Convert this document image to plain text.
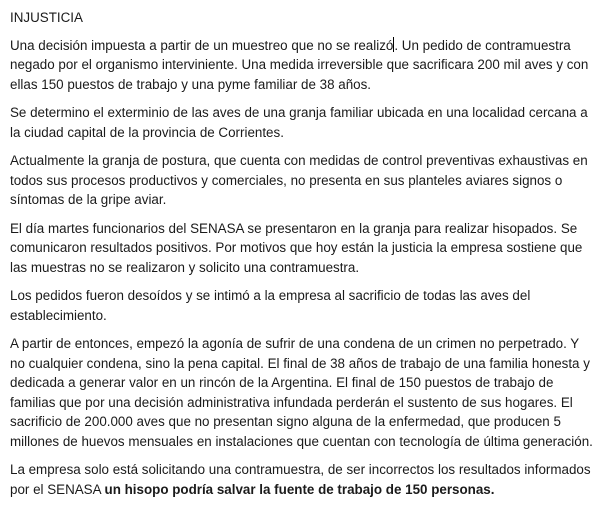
INJUSTICIA

Una decisión impuesta a partir de un muestreo que no se realizó. Un pedido de contramuestra negado por el organismo interviniente. Una medida irreversible que sacrificara 200 mil aves y con ellas 150 puestos de trabajo y una pyme familiar de 38 años.

Se determino el exterminio de las aves de una granja familiar ubicada en una localidad cercana a la ciudad capital de la provincia de Corrientes.

Actualmente la granja de postura, que cuenta con medidas de control preventivas exhaustivas en todos sus procesos productivos y comerciales, no presenta en sus planteles aviares signos o síntomas de la gripe aviar.

El día martes funcionarios del SENASA se presentaron en la granja para realizar hisopados. Se comunicaron resultados positivos. Por motivos que hoy están la justicia la empresa sostiene que las muestras no se realizaron y solicito una contramuestra.

Los pedidos fueron desoídos y se intimó a la empresa al sacrificio de todas las aves del establecimiento.

A partir de entonces, empezó la agonía de sufrir de una condena de un crimen no perpetrado. Y no cualquier condena, sino la pena capital. El final de 38 años de trabajo de una familia honesta y dedicada a generar valor en un rincón de la Argentina. El final de 150 puestos de trabajo de familias que por una decisión administrativa infundada perderán el sustento de sus hogares. El sacrificio de 200.000 aves que no presentan signo alguna de la enfermedad, que producen 5 millones de huevos mensuales en instalaciones que cuentan con tecnología de última generación.

La empresa solo está solicitando una contramuestra, de ser incorrectos los resultados informados por el SENASA un hisopo podría salvar la fuente de trabajo de 150 personas.
